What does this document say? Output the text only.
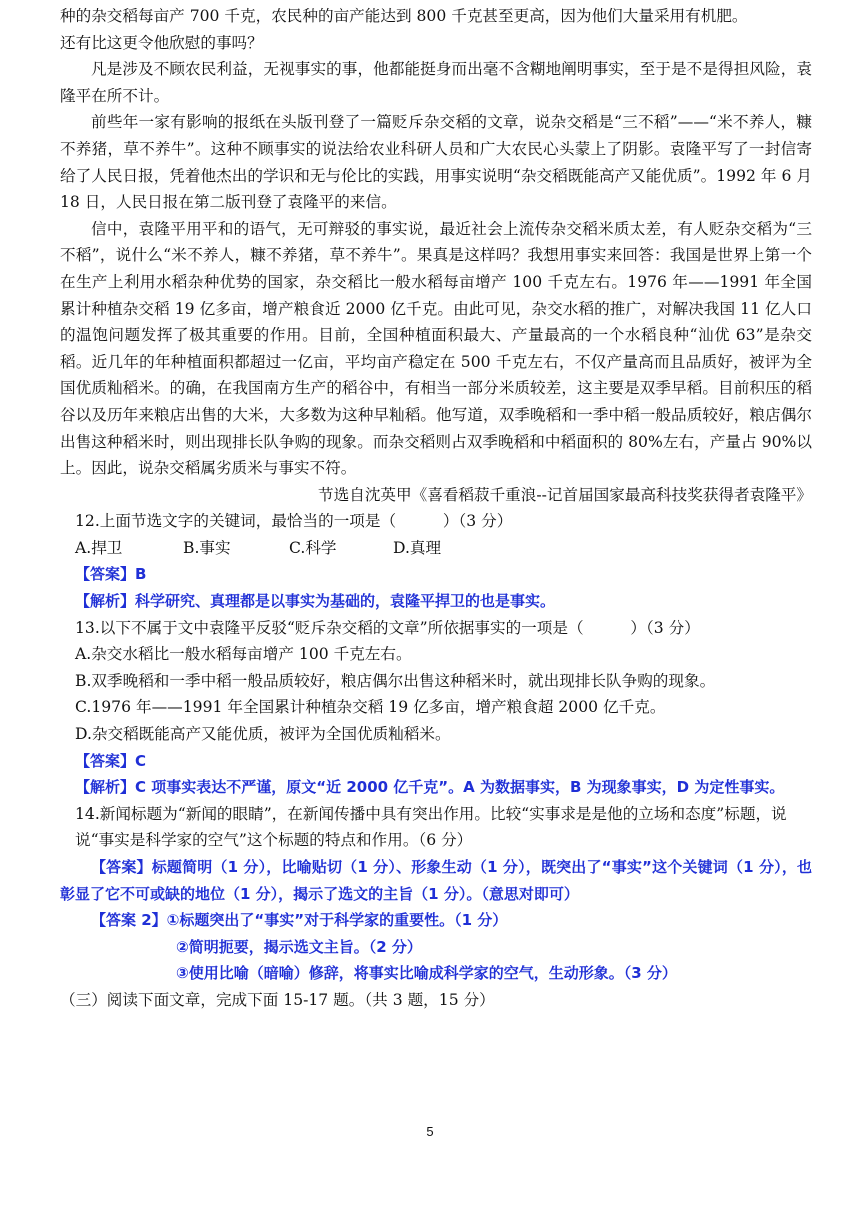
种的杂交稻每亩产 700 千克，农民种的亩产能达到 800 千克甚至更高，因为他们大量采用有机肥。

还有比这更令他欣慰的事吗？

凡是涉及不顾农民利益，无视事实的事，他都能挺身而出毫不含糊地阐明事实，至于是不是得担风险，袁隆平在所不计。

前些年一家有影响的报纸在头版刊登了一篇贬斥杂交稻的文章，说杂交稻是“三不稻”——“米不养人，糠不养猪，草不养牛”。这种不顾事实的说法给农业科研人员和广大农民心头蒙上了阴影。袁隆平写了一封信寄给了人民日报，凭着他杰出的学识和无与伦比的实践，用事实说明“杂交稻既能高产又能优质”。1992 年 6 月 18 日，人民日报在第二版刊登了袁隆平的来信。

信中，袁隆平用平和的语气，无可辩驳的事实说，最近社会上流传杂交稻米质太差，有人贬杂交稻为“三不稻”，说什么“米不养人，糠不养猪，草不养牛”。果真是这样吗？我想用事实来回答：我国是世界上第一个在生产上利用水稻杂种优势的国家，杂交稻比一般水稻每亩增产 100 千克左右。1976 年——1991 年全国累计种植杂交稻 19 亿多亩，增产粮食近 2000 亿千克。由此可见，杂交水稻的推广，对解决我国 11 亿人口的温饱问题发挥了极其重要的作用。目前，全国种植面积最大、产量最高的一个水稻良种“汕优 63”是杂交稻。近几年的年种植面积都超过一亿亩，平均亩产稳定在 500 千克左右，不仅产量高而且品质好，被评为全国优质籼稻米。的确，在我国南方生产的稻谷中，有相当一部分米质较差，这主要是双季早稻。目前积压的稻谷以及历年来粮店出售的大米，大多数为这种早籼稻。他写道，双季晚稻和一季中稻一般品质较好，粮店偶尔出售这种稻米时，则出现排长队争购的现象。而杂交稻则占双季晚稻和中稻面积的 80%左右，产量占 90%以上。因此，说杂交稻属劣质米与事实不符。

节选自沈英甲《喜看稻菽千重浪--记首届国家最高科技奖获得者袁隆平》

12.上面节选文字的关键词，最恰当的一项是（　　　）（3 分）

A.捍卫	B.事实	C.科学	D.真理

【答案】B

【解析】科学研究、真理都是以事实为基础的，袁隆平捍卫的也是事实。

13.以下不属于文中袁隆平反驳“贬斥杂交稻的文章”所依据事实的一项是（　　　）（3 分）

A.杂交水稻比一般水稻每亩增产 100 千克左右。

B.双季晚稻和一季中稻一般品质较好，粮店偶尔出售这种稻米时，就出现排长队争购的现象。

C.1976 年——1991 年全国累计种植杂交稻 19 亿多亩，增产粮食超 2000 亿千克。

D.杂交稻既能高产又能优质，被评为全国优质籼稻米。

【答案】C

【解析】C 项事实表达不严谨，原文“近 2000 亿千克”。A 为数据事实，B 为现象事实，D 为定性事实。

14.新闻标题为“新闻的眼睛”，在新闻传播中具有突出作用。比较“实事求是是他的立场和态度”标题，说说“事实是科学家的空气”这个标题的特点和作用。（6 分）

【答案】标题简明（1 分），比喻贴切（1 分）、形象生动（1 分），既突出了“事实”这个关键词（1 分），也彰显了它不可或缺的地位（1 分），揭示了选文的主旨（1 分）。（意思对即可）

【答案 2】①标题突出了“事实”对于科学家的重要性。（1 分）

②简明扼要，揭示选文主旨。（2 分）

③使用比喻（暗喻）修辞，将事实比喻成科学家的空气，生动形象。（3 分）

（三）阅读下面文章，完成下面 15-17 题。（共 3 题，15 分）

5
